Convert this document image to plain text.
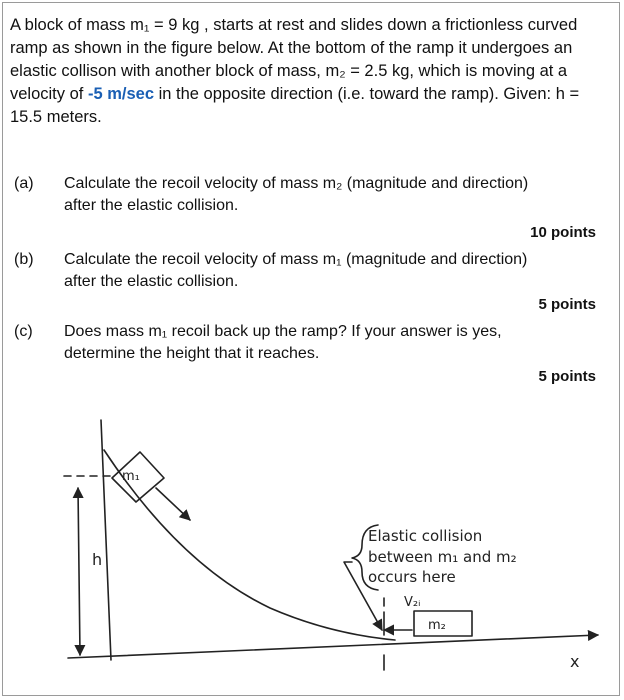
A block of mass m₁ = 9 kg , starts at rest and slides down a frictionless curved ramp as shown in the figure below. At the bottom of the ramp it undergoes an elastic collison with another block of mass, m₂ = 2.5 kg, which is moving at a velocity of -5 m/sec in the opposite direction (i.e. toward the ramp). Given: h = 15.5 meters.
(a) Calculate the recoil velocity of mass m₂ (magnitude and direction)
after the elastic collision.
10 points
(b) Calculate the recoil velocity of mass m₁ (magnitude and direction)
after the elastic collision.
5 points
(c) Does mass m₁ recoil back up the ramp? If your answer is yes,
determine the height that it reaches.
5 points
m₁
h
m₂
V₂ᵢ
x
Elastic collision
between m₁ and m₂
occurs here
